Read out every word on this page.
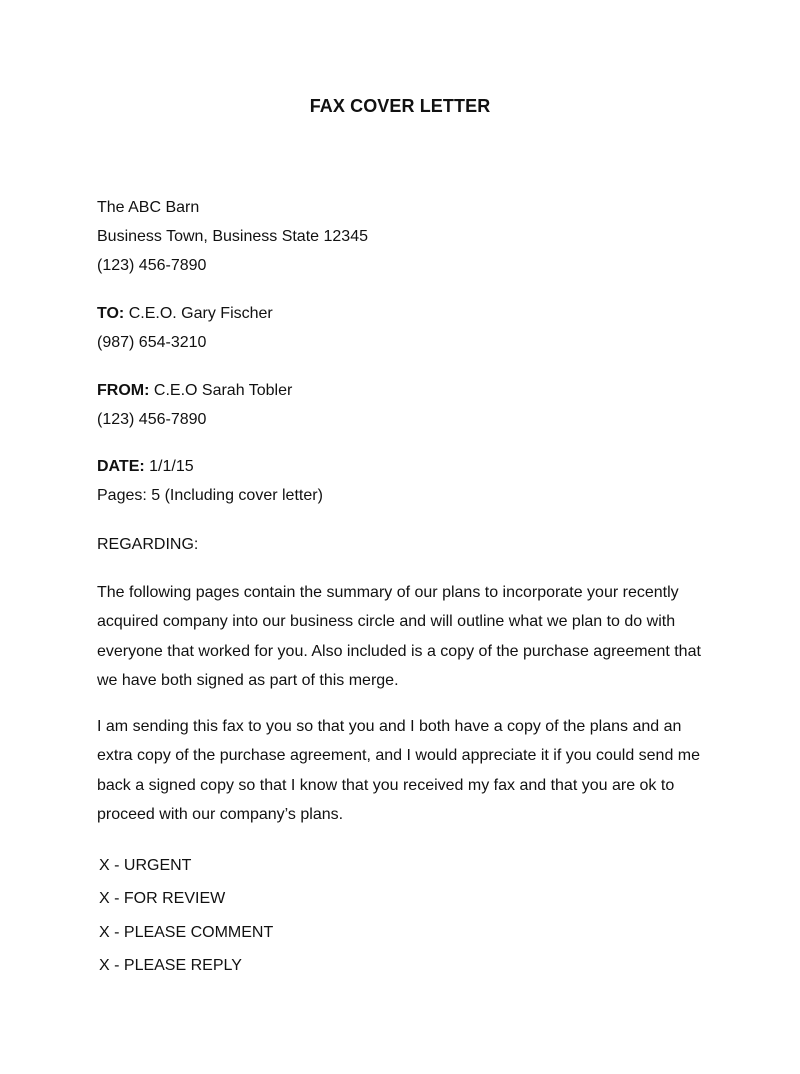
FAX COVER LETTER
The ABC Barn
Business Town, Business State 12345
(123) 456-7890
TO: C.E.O. Gary Fischer
(987) 654-3210
FROM: C.E.O Sarah Tobler
(123) 456-7890
DATE: 1/1/15
Pages: 5 (Including cover letter)
REGARDING:
The following pages contain the summary of our plans to incorporate your recently acquired company into our business circle and will outline what we plan to do with everyone that worked for you. Also included is a copy of the purchase agreement that we have both signed as part of this merge.
I am sending this fax to you so that you and I both have a copy of the plans and an extra copy of the purchase agreement, and I would appreciate it if you could send me back a signed copy so that I know that you received my fax and that you are ok to proceed with our company’s plans.
X - URGENT
X - FOR REVIEW
X - PLEASE COMMENT
X - PLEASE REPLY
